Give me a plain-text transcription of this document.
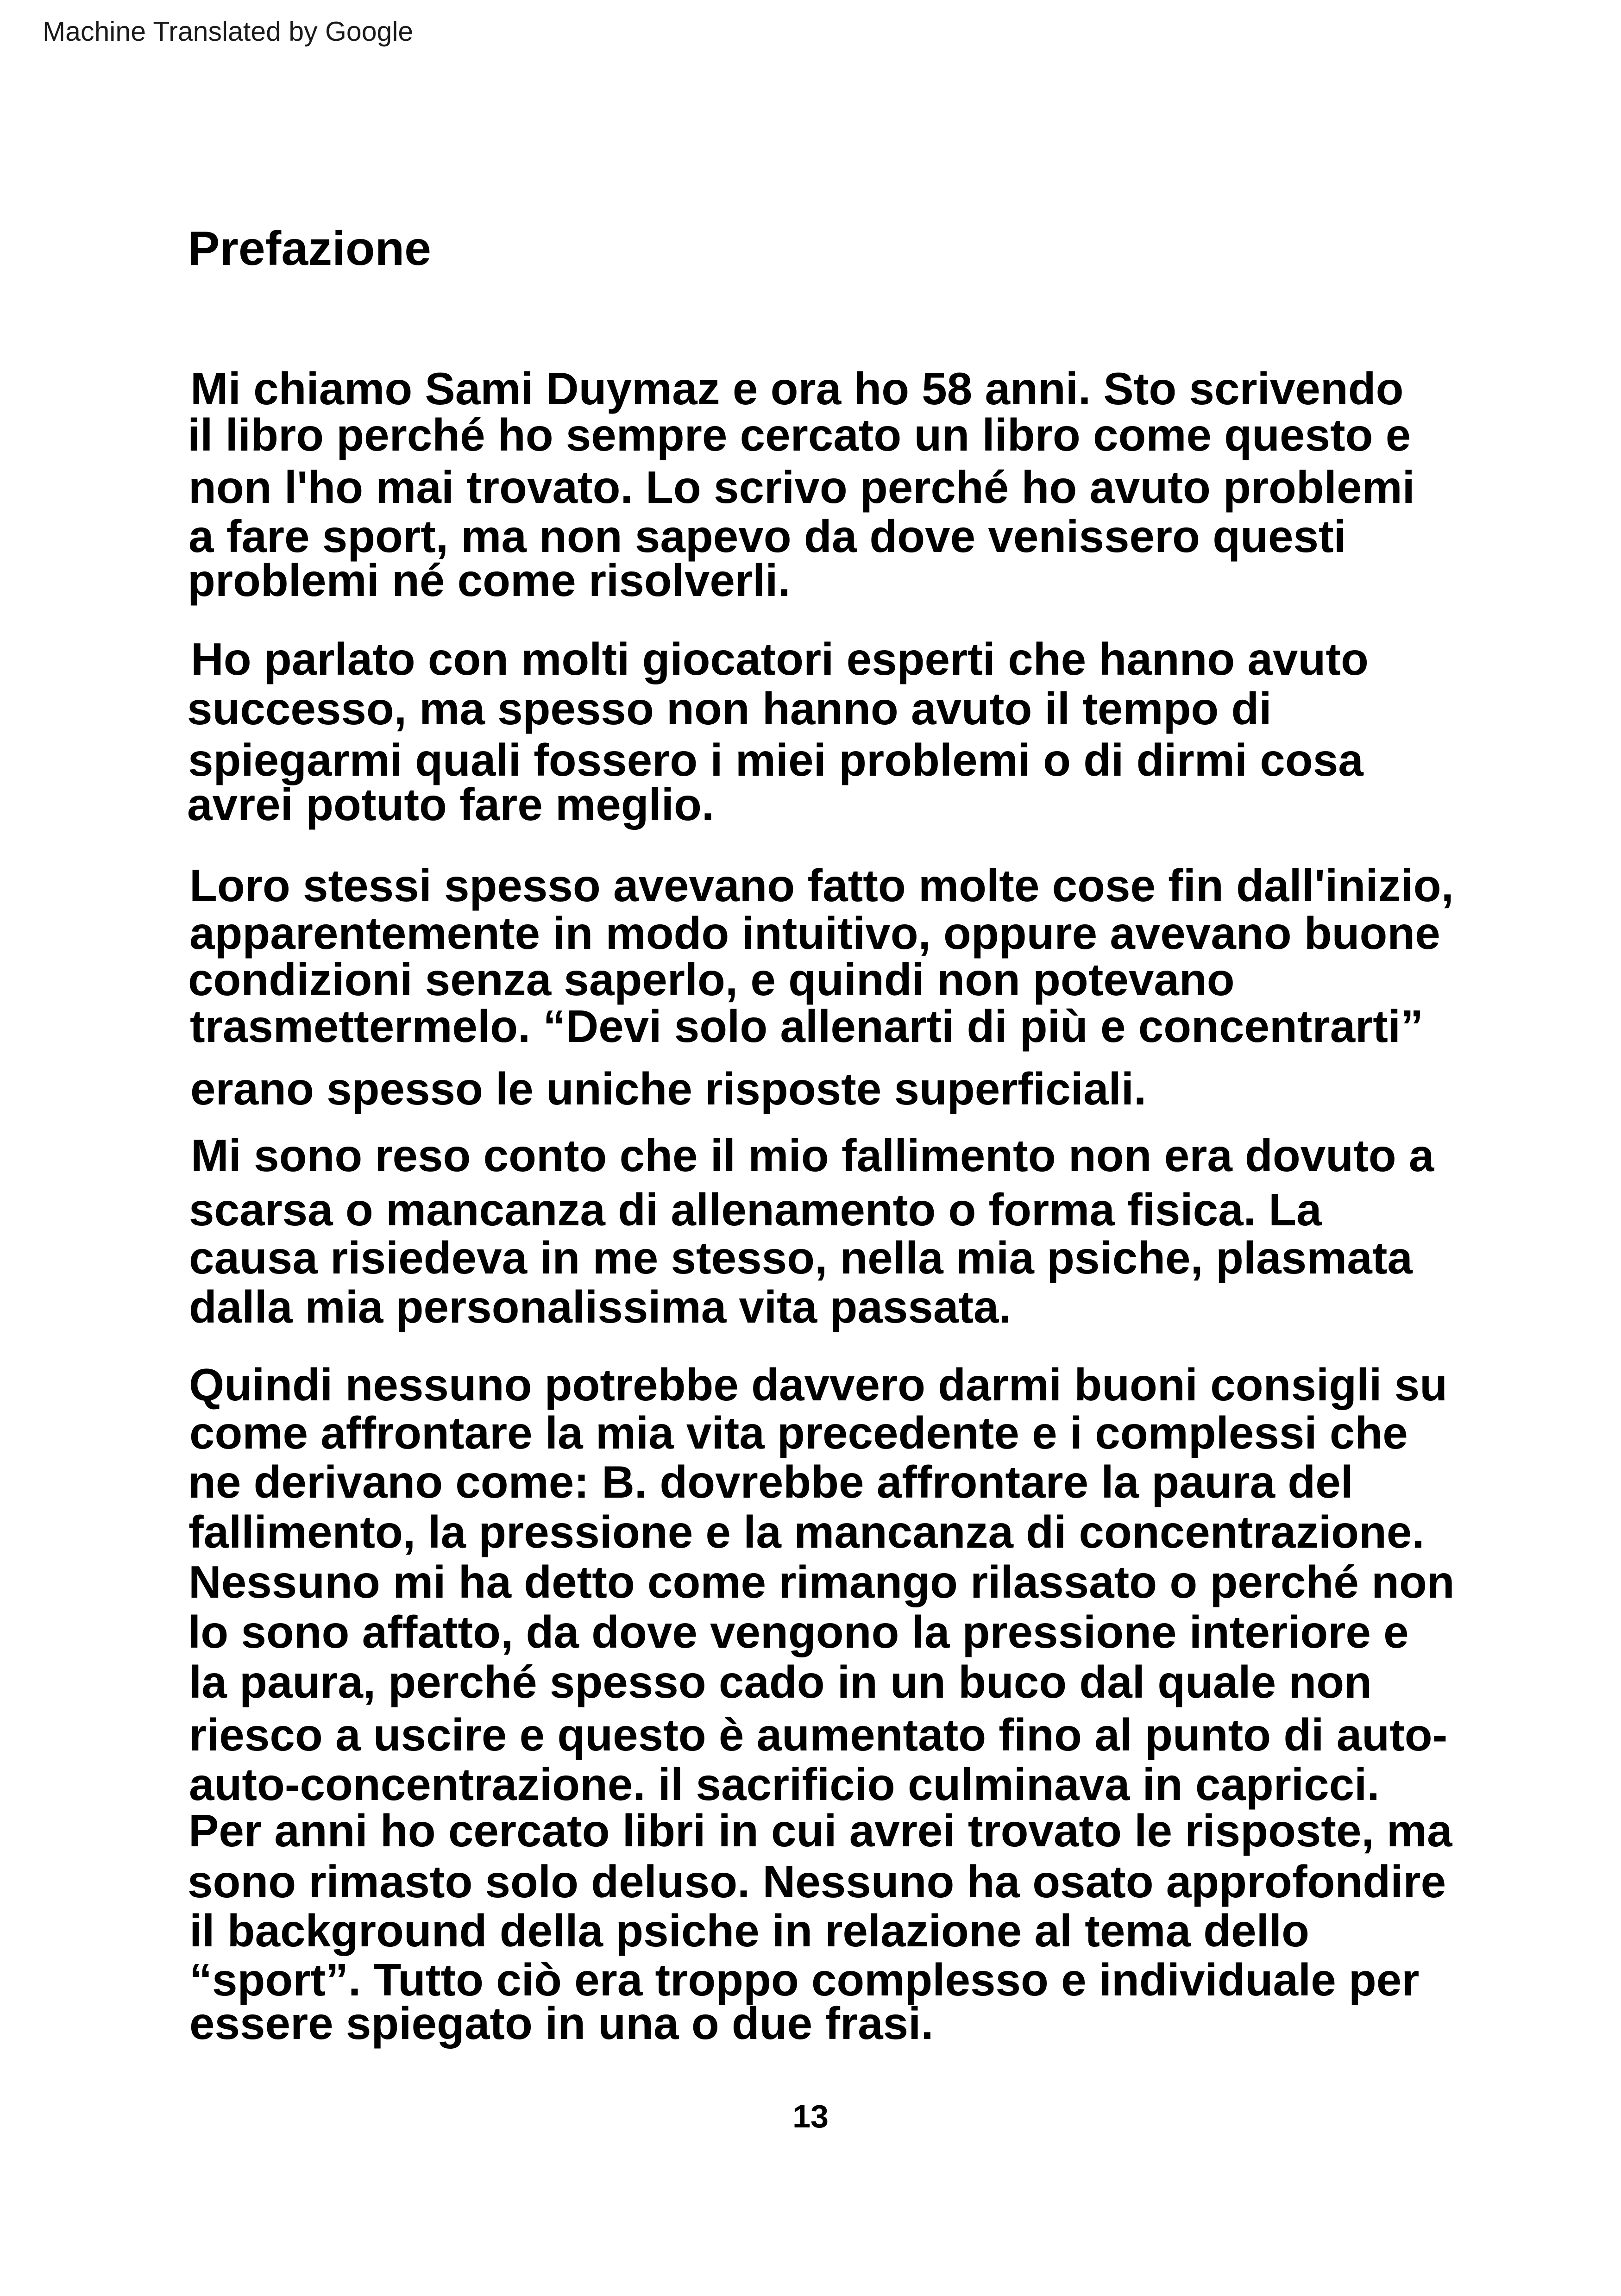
Machine Translated by Google
Prefazione
Mi chiamo Sami Duymaz e ora ho 58 anni. Sto scrivendo
il libro perché ho sempre cercato un libro come questo e
non l'ho mai trovato. Lo scrivo perché ho avuto problemi
a fare sport, ma non sapevo da dove venissero questi
problemi né come risolverli.
Ho parlato con molti giocatori esperti che hanno avuto
successo, ma spesso non hanno avuto il tempo di
spiegarmi quali fossero i miei problemi o di dirmi cosa
avrei potuto fare meglio.
Loro stessi spesso avevano fatto molte cose fin dall'inizio,
apparentemente in modo intuitivo, oppure avevano buone
condizioni senza saperlo, e quindi non potevano
trasmettermelo. “Devi solo allenarti di più e concentrarti”
erano spesso le uniche risposte superficiali.
Mi sono reso conto che il mio fallimento non era dovuto a
scarsa o mancanza di allenamento o forma fisica. La
causa risiedeva in me stesso, nella mia psiche, plasmata
dalla mia personalissima vita passata.
Quindi nessuno potrebbe davvero darmi buoni consigli su
come affrontare la mia vita precedente e i complessi che
ne derivano come: B. dovrebbe affrontare la paura del
fallimento, la pressione e la mancanza di concentrazione.
Nessuno mi ha detto come rimango rilassato o perché non
lo sono affatto, da dove vengono la pressione interiore e
la paura, perché spesso cado in un buco dal quale non
riesco a uscire e questo è aumentato fino al punto di auto-
auto-concentrazione. il sacrificio culminava in capricci.
Per anni ho cercato libri in cui avrei trovato le risposte, ma
sono rimasto solo deluso. Nessuno ha osato approfondire
il background della psiche in relazione al tema dello
“sport”. Tutto ciò era troppo complesso e individuale per
essere spiegato in una o due frasi.
13
